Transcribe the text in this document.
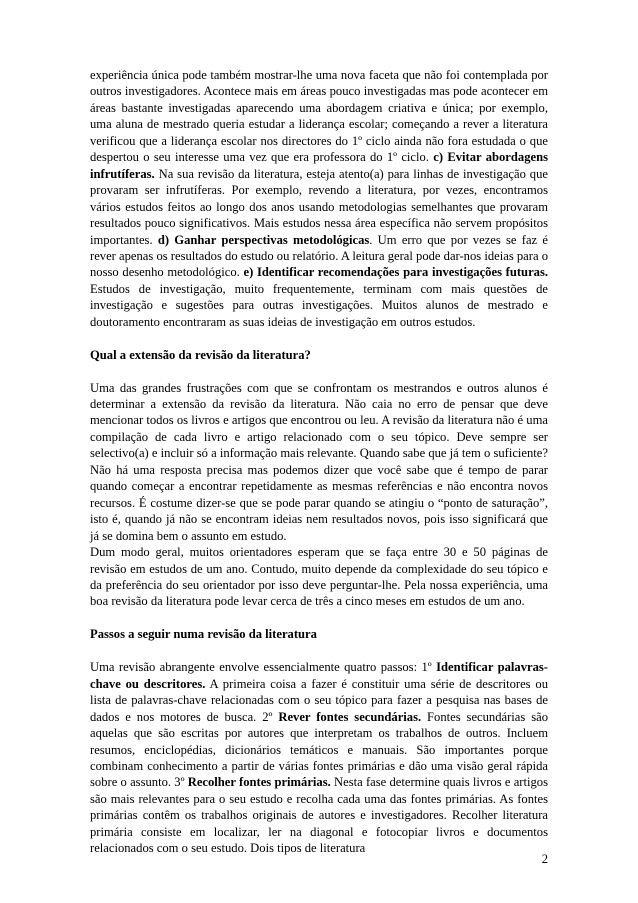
experiência única pode também mostrar-lhe uma nova faceta que não foi contemplada por outros investigadores. Acontece mais em áreas pouco investigadas mas pode acontecer em áreas bastante investigadas aparecendo uma abordagem criativa e única; por exemplo, uma aluna de mestrado queria estudar a liderança escolar; começando a rever a literatura verificou que a liderança escolar nos directores do 1º ciclo ainda não fora estudada o que despertou o seu interesse uma vez que era professora do 1º ciclo. c) Evitar abordagens infrutíferas. Na sua revisão da literatura, esteja atento(a) para linhas de investigação que provaram ser infrutíferas. Por exemplo, revendo a literatura, por vezes, encontramos vários estudos feitos ao longo dos anos usando metodologias semelhantes que provaram resultados pouco significativos. Mais estudos nessa área específica não servem propósitos importantes. d) Ganhar perspectivas metodológicas. Um erro que por vezes se faz é rever apenas os resultados do estudo ou relatório. A leitura geral pode dar-nos ideias para o nosso desenho metodológico. e) Identificar recomendações para investigações futuras. Estudos de investigação, muito frequentemente, terminam com mais questões de investigação e sugestões para outras investigações. Muitos alunos de mestrado e doutoramento encontraram as suas ideias de investigação em outros estudos.

Qual a extensão da revisão da literatura?

Uma das grandes frustrações com que se confrontam os mestrandos e outros alunos é determinar a extensão da revisão da literatura. Não caia no erro de pensar que deve mencionar todos os livros e artigos que encontrou ou leu. A revisão da literatura não é uma compilação de cada livro e artigo relacionado com o seu tópico. Deve sempre ser selectivo(a) e incluir só a informação mais relevante. Quando sabe que já tem o suficiente? Não há uma resposta precisa mas podemos dizer que você sabe que é tempo de parar quando começar a encontrar repetidamente as mesmas referências e não encontra novos recursos. É costume dizer-se que se pode parar quando se atingiu o “ponto de saturação”, isto é, quando já não se encontram ideias nem resultados novos, pois isso significará que já se domina bem o assunto em estudo.

Dum modo geral, muitos orientadores esperam que se faça entre 30 e 50 páginas de revisão em estudos de um ano. Contudo, muito depende da complexidade do seu tópico e da preferência do seu orientador por isso deve perguntar-lhe. Pela nossa experiência, uma boa revisão da literatura pode levar cerca de três a cinco meses em estudos de um ano.

Passos a seguir numa revisão da literatura

Uma revisão abrangente envolve essencialmente quatro passos: 1º Identificar palavras-chave ou descritores. A primeira coisa a fazer é constituir uma série de descritores ou lista de palavras-chave relacionadas com o seu tópico para fazer a pesquisa nas bases de dados e nos motores de busca. 2º Rever fontes secundárias. Fontes secundárias são aquelas que são escritas por autores que interpretam os trabalhos de outros. Incluem resumos, enciclopédias, dicionários temáticos e manuais. São importantes porque combinam conhecimento a partir de várias fontes primárias e dão uma visão geral rápida sobre o assunto. 3º Recolher fontes primárias. Nesta fase determine quais livros e artigos são mais relevantes para o seu estudo e recolha cada uma das fontes primárias. As fontes primárias contêm os trabalhos originais de autores e investigadores. Recolher literatura primária consiste em localizar, ler na diagonal e fotocopiar livros e documentos relacionados com o seu estudo. Dois tipos de literatura

2
